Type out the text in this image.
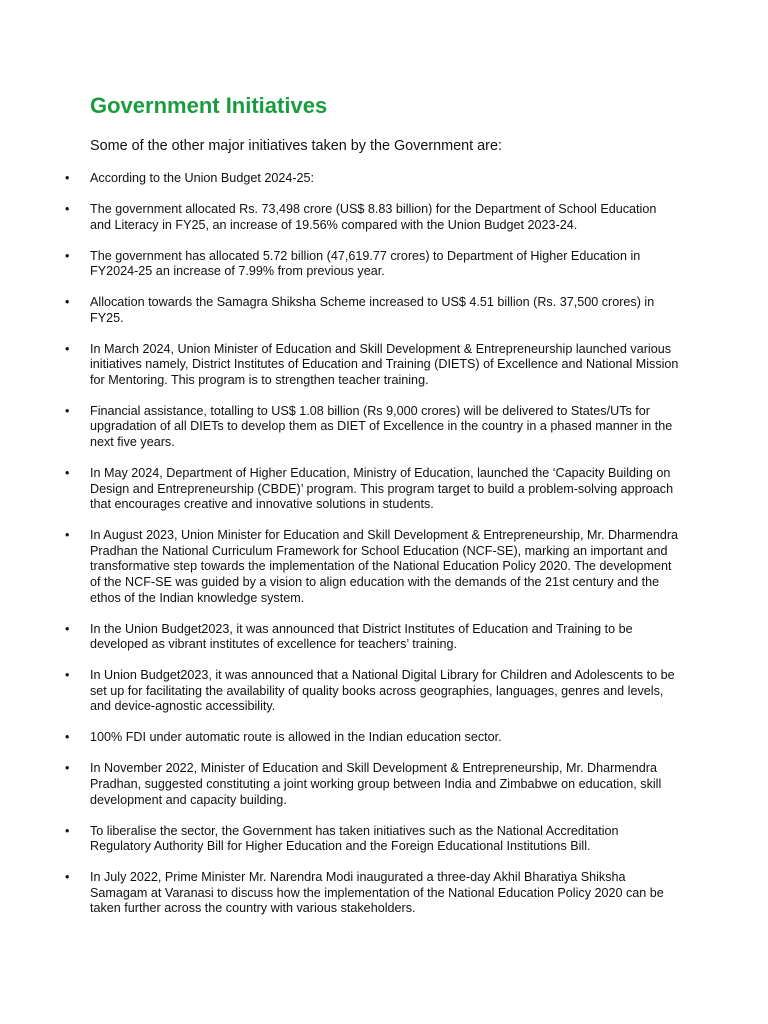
Government Initiatives

Some of the other major initiatives taken by the Government are:

• According to the Union Budget 2024-25:
• The government allocated Rs. 73,498 crore (US$ 8.83 billion) for the Department of School Education and Literacy in FY25, an increase of 19.56% compared with the Union Budget 2023-24.
• The government has allocated 5.72 billion (47,619.77 crores) to Department of Higher Education in FY2024-25 an increase of 7.99% from previous year.
• Allocation towards the Samagra Shiksha Scheme increased to US$ 4.51 billion (Rs. 37,500 crores) in FY25.
• In March 2024, Union Minister of Education and Skill Development & Entrepreneurship launched various initiatives namely, District Institutes of Education and Training (DIETS) of Excellence and National Mission for Mentoring. This program is to strengthen teacher training.
• Financial assistance, totalling to US$ 1.08 billion (Rs 9,000 crores) will be delivered to States/UTs for upgradation of all DIETs to develop them as DIET of Excellence in the country in a phased manner in the next five years.
• In May 2024, Department of Higher Education, Ministry of Education, launched the ‘Capacity Building on Design and Entrepreneurship (CBDE)’ program. This program target to build a problem-solving approach that encourages creative and innovative solutions in students.
• In August 2023, Union Minister for Education and Skill Development & Entrepreneurship, Mr. Dharmendra Pradhan the National Curriculum Framework for School Education (NCF-SE), marking an important and transformative step towards the implementation of the National Education Policy 2020. The development of the NCF-SE was guided by a vision to align education with the demands of the 21st century and the ethos of the Indian knowledge system.
• In the Union Budget2023, it was announced that District Institutes of Education and Training to be developed as vibrant institutes of excellence for teachers’ training.
• In Union Budget2023, it was announced that a National Digital Library for Children and Adolescents to be set up for facilitating the availability of quality books across geographies, languages, genres and levels, and device-agnostic accessibility.
• 100% FDI under automatic route is allowed in the Indian education sector.
• In November 2022, Minister of Education and Skill Development & Entrepreneurship, Mr. Dharmendra Pradhan, suggested constituting a joint working group between India and Zimbabwe on education, skill development and capacity building.
• To liberalise the sector, the Government has taken initiatives such as the National Accreditation Regulatory Authority Bill for Higher Education and the Foreign Educational Institutions Bill.
• In July 2022, Prime Minister Mr. Narendra Modi inaugurated a three-day Akhil Bharatiya Shiksha Samagam at Varanasi to discuss how the implementation of the National Education Policy 2020 can be taken further across the country with various stakeholders.
